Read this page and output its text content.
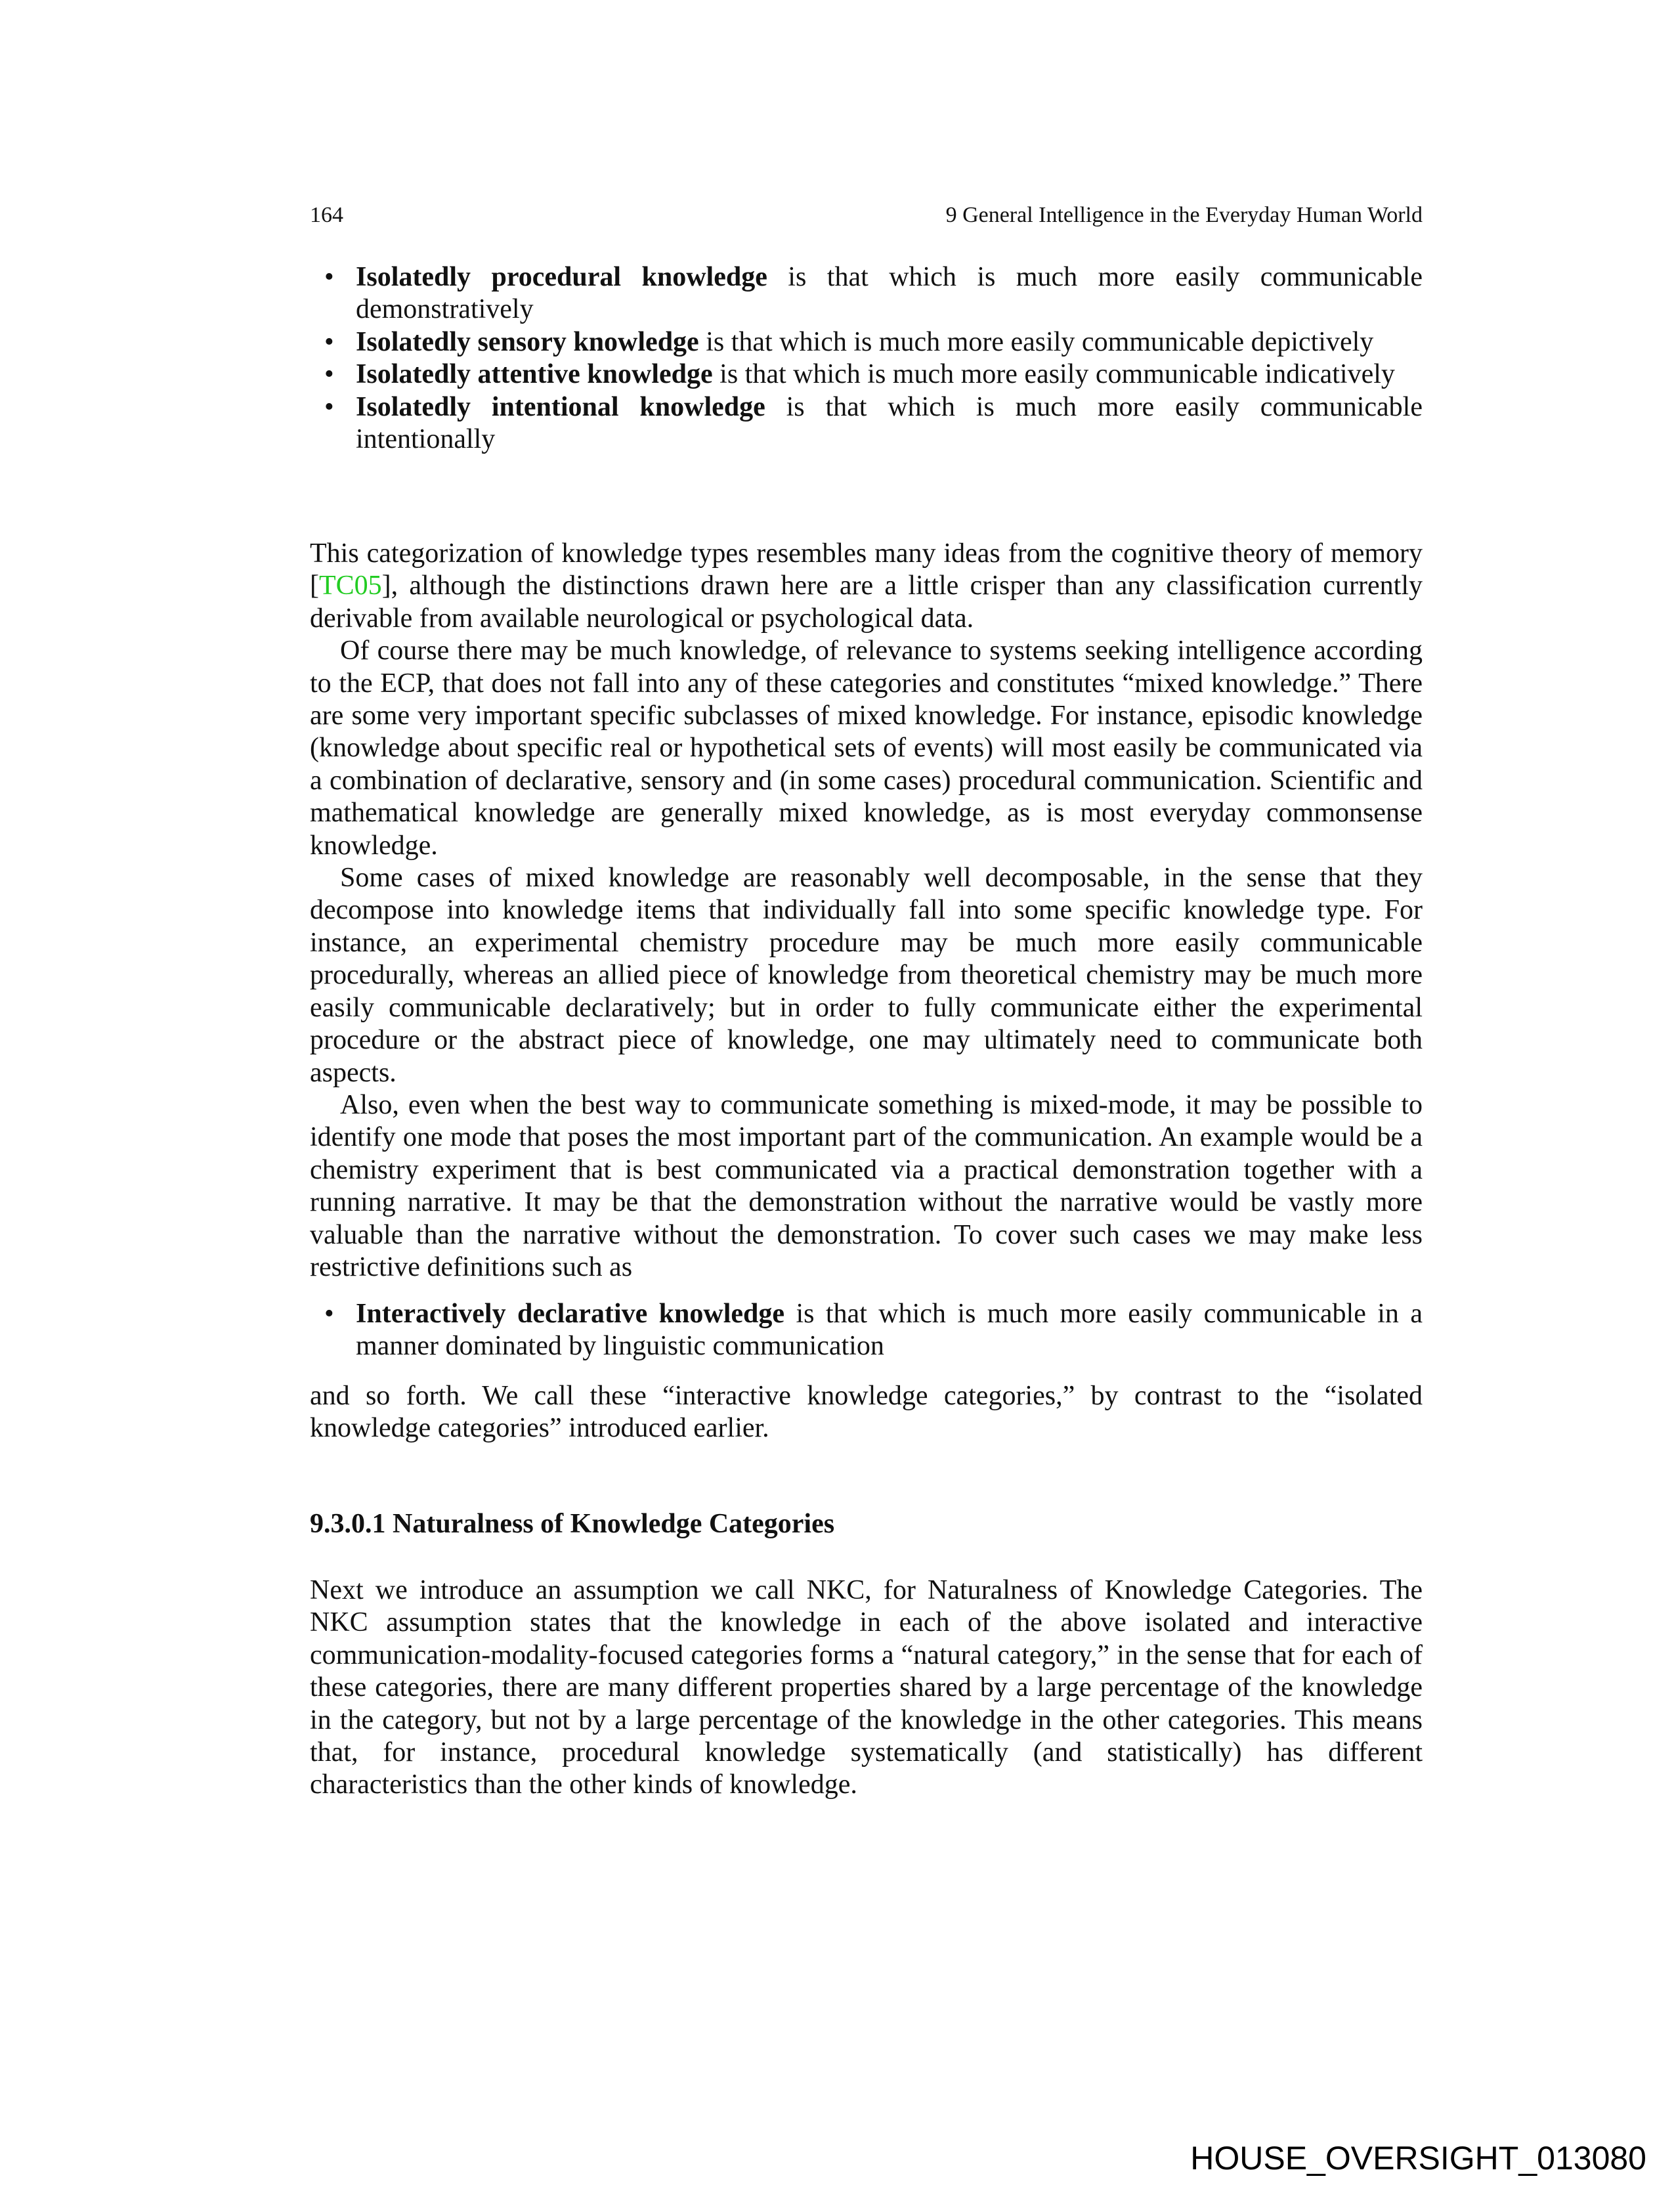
164	9 General Intelligence in the Everyday Human World
• Isolatedly procedural knowledge is that which is much more easily communicable demonstratively
• Isolatedly sensory knowledge is that which is much more easily communicable depictively
• Isolatedly attentive knowledge is that which is much more easily communicable indicatively
• Isolatedly intentional knowledge is that which is much more easily communicable intentionally

This categorization of knowledge types resembles many ideas from the cognitive theory of memory [TC05], although the distinctions drawn here are a little crisper than any classification currently derivable from available neurological or psychological data.

Of course there may be much knowledge, of relevance to systems seeking intelligence according to the ECP, that does not fall into any of these categories and constitutes “mixed knowledge.” There are some very important specific subclasses of mixed knowledge. For instance, episodic knowledge (knowledge about specific real or hypothetical sets of events) will most easily be communicated via a combination of declarative, sensory and (in some cases) procedural communication. Scientific and mathematical knowledge are generally mixed knowledge, as is most everyday commonsense knowledge.

Some cases of mixed knowledge are reasonably well decomposable, in the sense that they decompose into knowledge items that individually fall into some specific knowledge type. For instance, an experimental chemistry procedure may be much more easily communicable procedurally, whereas an allied piece of knowledge from theoretical chemistry may be much more easily communicable declaratively; but in order to fully communicate either the experimental procedure or the abstract piece of knowledge, one may ultimately need to communicate both aspects.

Also, even when the best way to communicate something is mixed-mode, it may be possible to identify one mode that poses the most important part of the communication. An example would be a chemistry experiment that is best communicated via a practical demonstration together with a running narrative. It may be that the demonstration without the narrative would be vastly more valuable than the narrative without the demonstration. To cover such cases we may make less restrictive definitions such as

• Interactively declarative knowledge is that which is much more easily communicable in a manner dominated by linguistic communication

and so forth. We call these “interactive knowledge categories,” by contrast to the “isolated knowledge categories” introduced earlier.

9.3.0.1 Naturalness of Knowledge Categories

Next we introduce an assumption we call NKC, for Naturalness of Knowledge Categories. The NKC assumption states that the knowledge in each of the above isolated and interactive communication-modality-focused categories forms a “natural category,” in the sense that for each of these categories, there are many different properties shared by a large percentage of the knowledge in the category, but not by a large percentage of the knowledge in the other categories. This means that, for instance, procedural knowledge systematically (and statistically) has different characteristics than the other kinds of knowledge.

HOUSE_OVERSIGHT_013080
